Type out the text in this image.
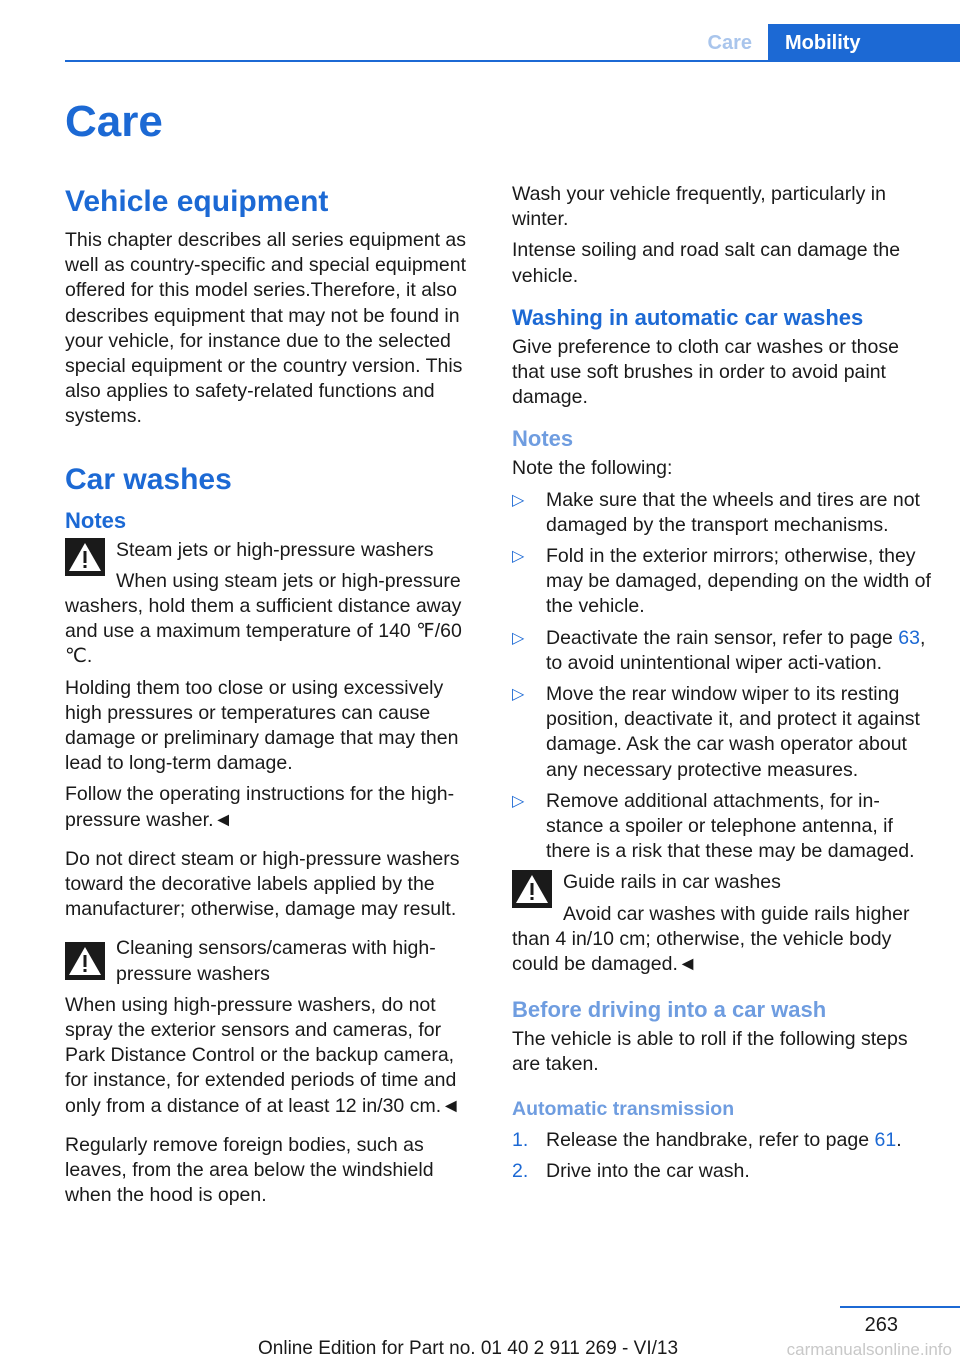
Care	Mobility
Care
Vehicle equipment

This chapter describes all series equipment as well as country-specific and special equipment offered for this model series.Therefore, it also describes equipment that may not be found in your vehicle, for instance due to the selected special equipment or the country version. This also applies to safety-related functions and systems.

Car washes
Notes

Steam jets or high-pressure washers

When using steam jets or high-pressure washers, hold them a sufficient distance away and use a maximum temperature of 140 ℉/60 ℃.

Holding them too close or using excessively high pressures or temperatures can cause damage or preliminary damage that may then lead to long-term damage.

Follow the operating instructions for the high-pressure washer.◄

Do not direct steam or high-pressure washers toward the decorative labels applied by the manufacturer; otherwise, damage may result.

Cleaning sensors/cameras with high-pressure washers

When using high-pressure washers, do not spray the exterior sensors and cameras, for Park Distance Control or the backup camera, for instance, for extended periods of time and only from a distance of at least 12 in/30 cm.◄

Regularly remove foreign bodies, such as leaves, from the area below the windshield when the hood is open.

Wash your vehicle frequently, particularly in winter.

Intense soiling and road salt can damage the vehicle.

Washing in automatic car washes

Give preference to cloth car washes or those that use soft brushes in order to avoid paint damage.

Notes

Note the following:

▷ Make sure that the wheels and tires are not damaged by the transport mechanisms.
▷ Fold in the exterior mirrors; otherwise, they may be damaged, depending on the width of the vehicle.
▷ Deactivate the rain sensor, refer to page 63, to avoid unintentional wiper acti-vation.
▷ Move the rear window wiper to its resting position, deactivate it, and protect it against damage. Ask the car wash operator about any necessary protective measures.
▷ Remove additional attachments, for in-stance a spoiler or telephone antenna, if there is a risk that these may be damaged.

Guide rails in car washes

Avoid car washes with guide rails higher than 4 in/10 cm; otherwise, the vehicle body could be damaged.◄

Before driving into a car wash

The vehicle is able to roll if the following steps are taken.

Automatic transmission
1. Release the handbrake, refer to page 61.
2. Drive into the car wash.
263
Online Edition for Part no. 01 40 2 911 269 - VI/13	carmanualsonline.info
